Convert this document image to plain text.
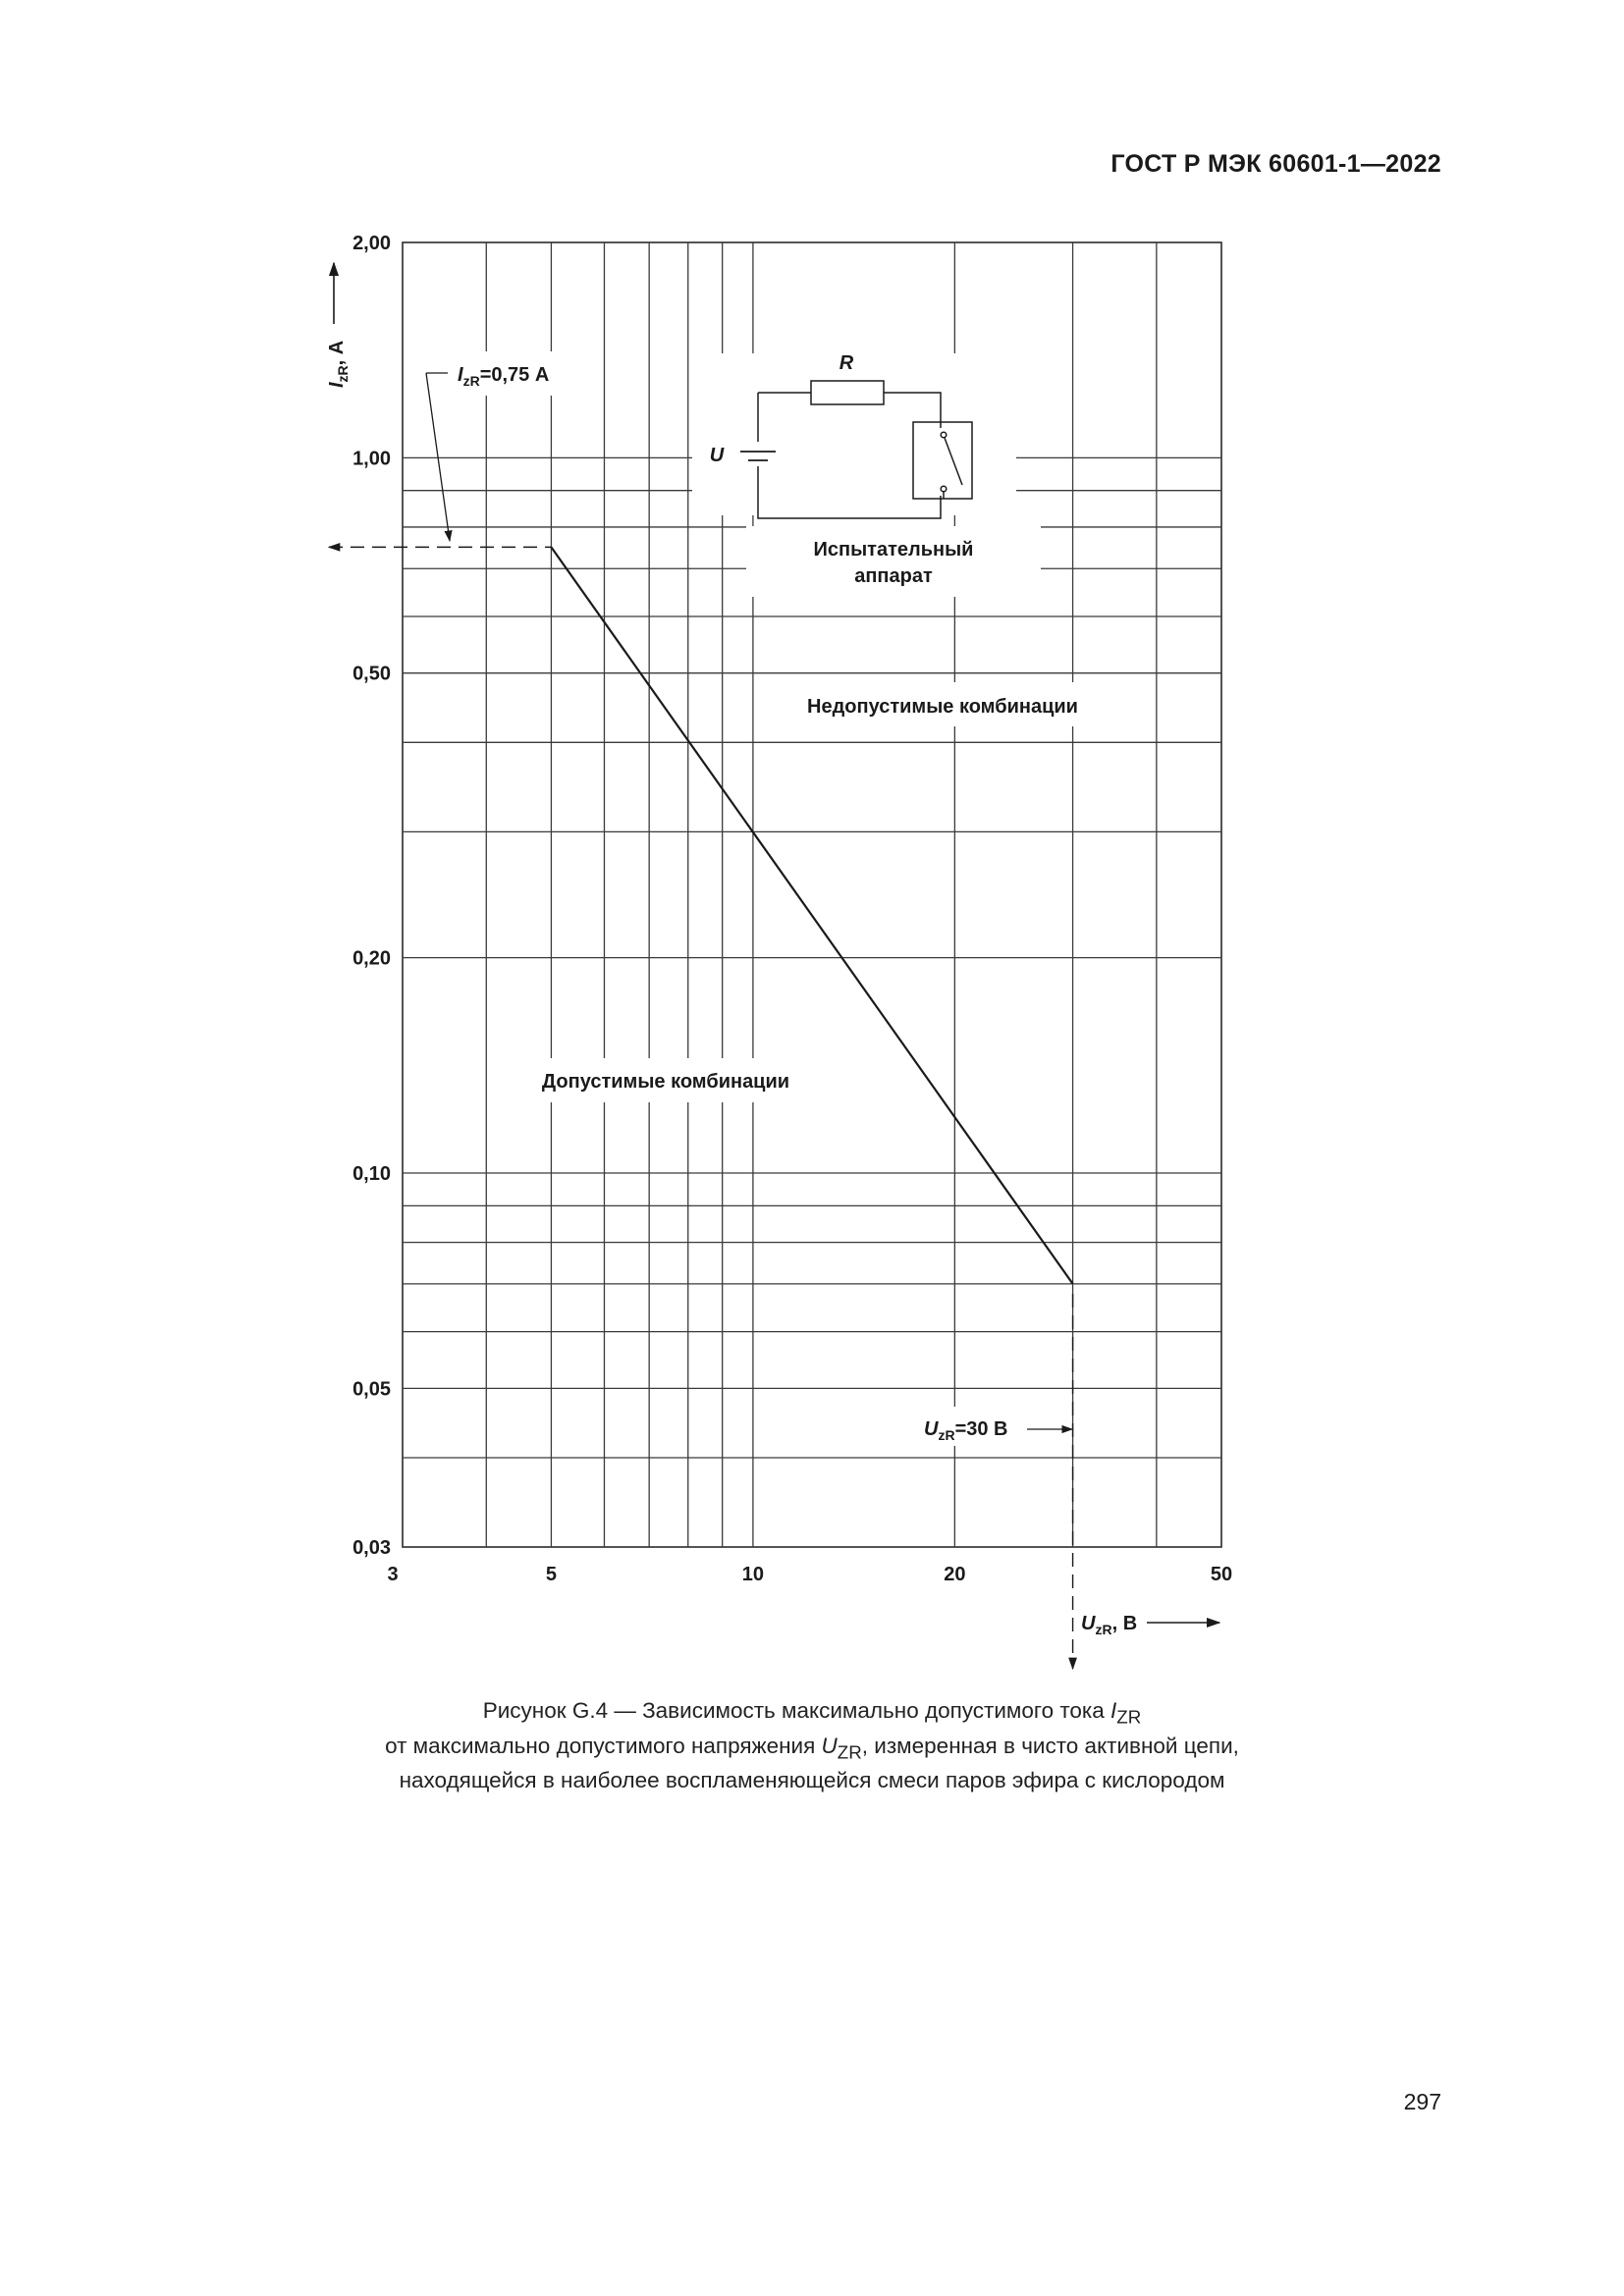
ГОСТ Р МЭК 60601-1—2022
2,00
1,00
0,50
0,20
0,10
0,05
0,03
3	5	10	20	50
$I_{zR}$, А
$U_{zR}$, В
$I_{zR}=0,75$ А
$U_{zR}=30$ В
Недопустимые комбинации
Допустимые комбинации
R
U
Испытательный
аппарат
Рисунок G.4 — Зависимость максимально допустимого тока $I_{ZR}$
от максимально допустимого напряжения $U_{ZR}$, измеренная в чисто активной цепи,
находящейся в наиболее воспламеняющейся смеси паров эфира с кислородом
297
